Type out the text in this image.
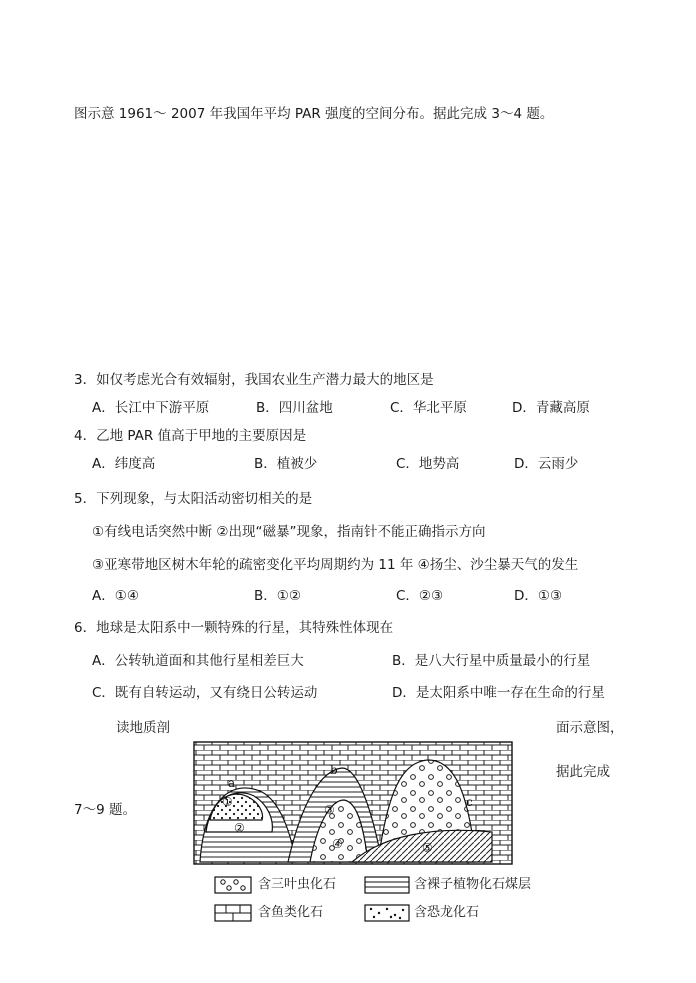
图示意 1961～ 2007 年我国年平均 PAR 强度的空间分布。据此完成 3～4 题。
3．如仅考虑光合有效辐射，我国农业生产潜力最大的地区是
A．长江中下游平原	B．四川盆地	C．华北平原	D．青藏高原
4．乙地 PAR 值高于甲地的主要原因是
A．纬度高	B．植被少	C．地势高	D．云雨少
5．下列现象，与太阳活动密切相关的是
①有线电话突然中断 ②出现“磁暴”现象，指南针不能正确指示方向
③亚寒带地区树木年轮的疏密变化平均周期约为 11 年 ④扬尘、沙尘暴天气的发生
A．①④	B．①②	C．②③	D．①③
6．地球是太阳系中一颗特殊的行星，其特殊性体现在
A．公转轨道面和其他行星相差巨大	B．是八大行星中质量最小的行星
C．既有自转运动，又有绕日公转运动	D．是太阳系中唯一存在生命的行星
读地质剖	面示意图，
据此完成
7～9 题。
a
b
c
①
②
③
④	⑤
含三叶虫化石	含裸子植物化石煤层
含鱼类化石	含恐龙化石
